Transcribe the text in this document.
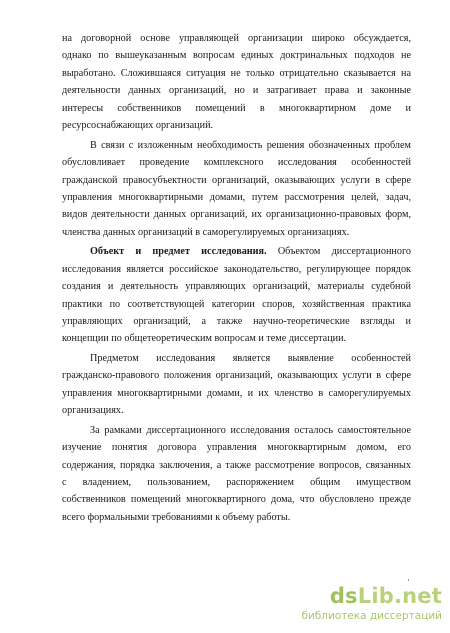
на договорной основе управляющей организации широко обсуждается,
однако по вышеуказанным вопросам единых доктринальных подходов не
выработано. Сложившаяся ситуация не только отрицательно сказывается на
деятельности данных организаций, но и затрагивает права и законные
интересы собственников помещений в многоквартирном доме и
ресурсоснабжающих организаций.
В связи с изложенным необходимость решения обозначенных проблем
обусловливает проведение комплексного исследования особенностей
гражданской правосубъектности организаций, оказывающих услуги в сфере
управления многоквартирными домами, путем рассмотрения целей, задач,
видов деятельности данных организаций, их организационно-правовых форм,
членства данных организаций в саморегулируемых организациях.
Объект и предмет исследования. Объектом диссертационного
исследования является российское законодательство, регулирующее порядок
создания и деятельность управляющих организаций, материалы судебной
практики по соответствующей категории споров, хозяйственная практика
управляющих организаций, а также научно-теоретические взгляды и
концепции по общетеоретическим вопросам и теме диссертации.
Предметом исследования является выявление особенностей
гражданско-правового положения организаций, оказывающих услуги в сфере
управления многоквартирными домами, и их членство в саморегулируемых
организациях.
За рамками диссертационного исследования осталось самостоятельное
изучение понятия договора управления многоквартирным домом, его
содержания, порядка заключения, а также рассмотрение вопросов, связанных
с владением, пользованием, распоряжением общим имуществом
собственников помещений многоквартирного дома, что обусловлено прежде
всего формальными требованиями к объему работы.
·
dsLib.net
библиотека диссертаций
